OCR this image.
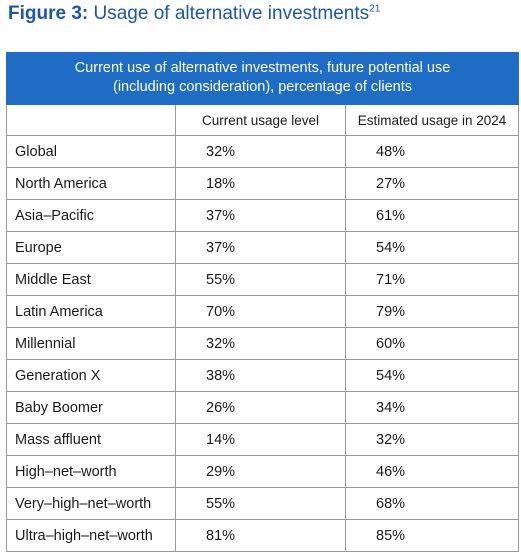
Figure 3: Usage of alternative investments$^{21}$
Current use of alternative investments, future potential use
(including consideration), percentage of clients		
	Current usage level	Estimated usage in 2024
Global	32%	48%
North America	18%	27%
Asia–Pacific	37%	61%
Europe	37%	54%
Middle East	55%	71%
Latin America	70%	79%
Millennial	32%	60%
Generation X	38%	54%
Baby Boomer	26%	34%
Mass affluent	14%	32%
High–net–worth	29%	46%
Very–high–net–worth	55%	68%
Ultra–high–net–worth	81%	85%
